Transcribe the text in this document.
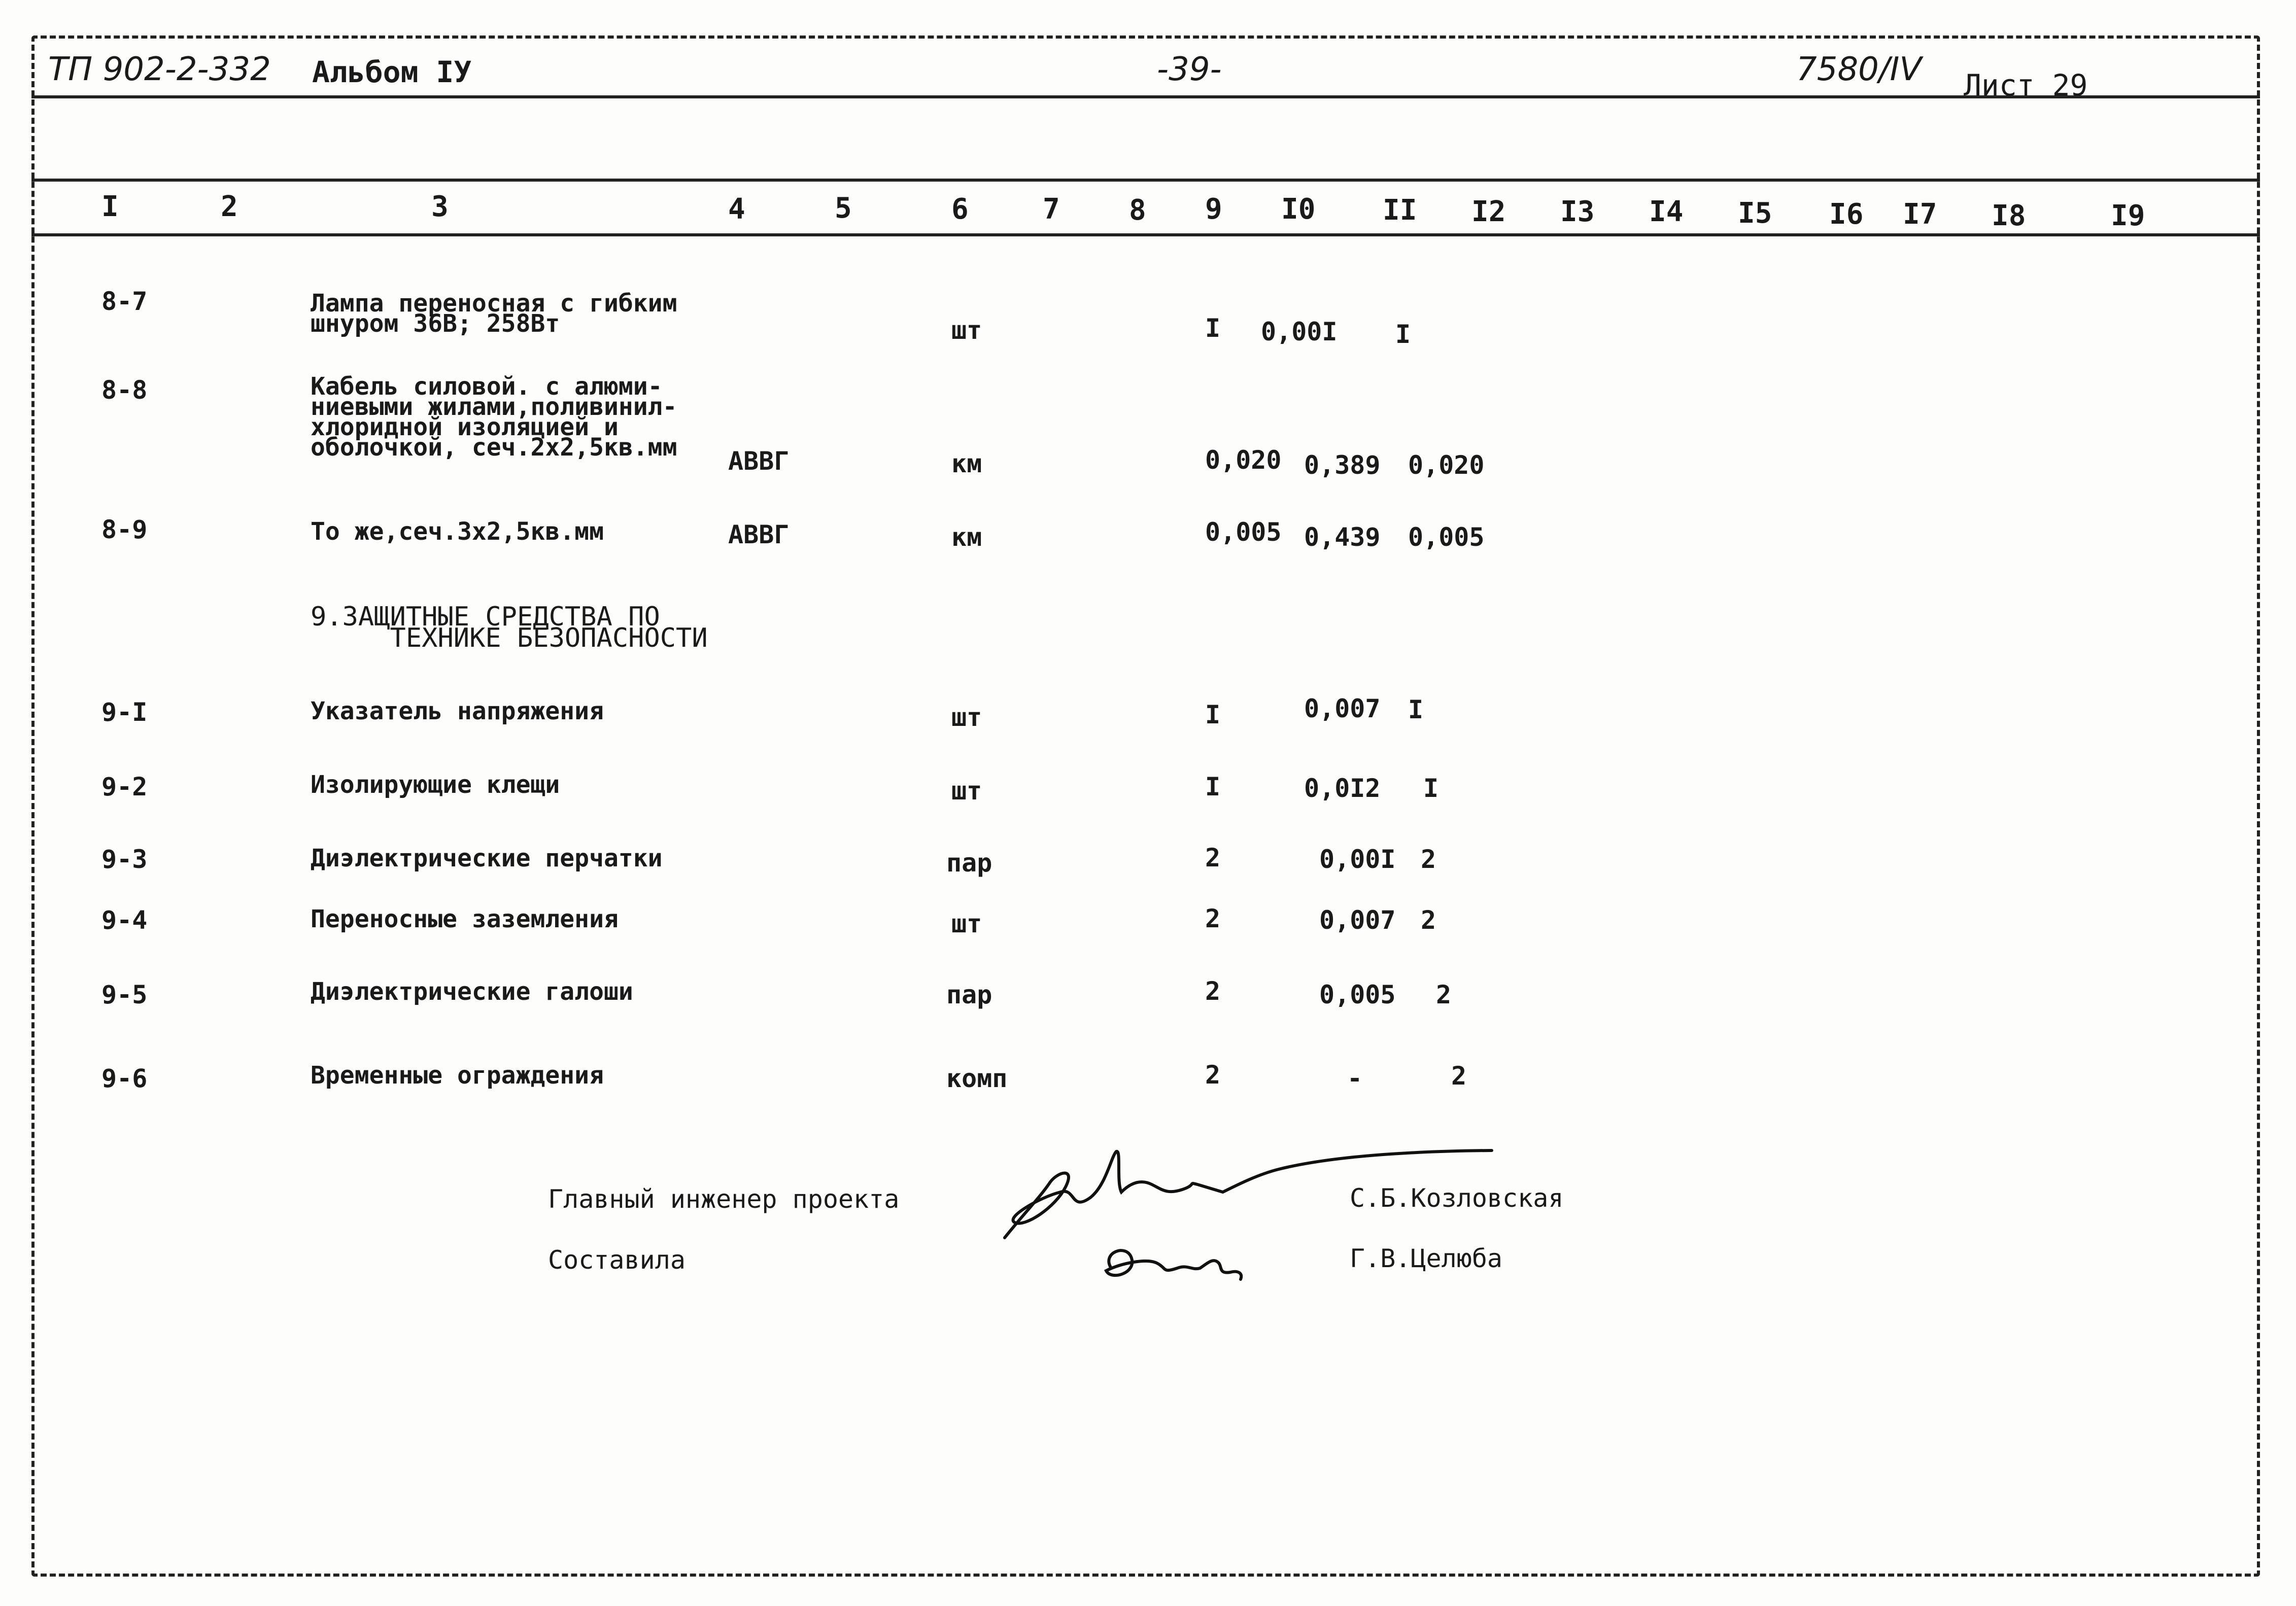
ТП 902-2-332 Альбом IУ	-39-	7580/IV Лист 29
I	2	3	4	5	6	7 8 9 I0 II I2 I3 I4 I5 I6 I7 I8	I9
8-7	Лампа переносная с гибким
шнуром 36В; 258Вт	шт	I 0,00I I
8-8	Кабель силовой. с алюми-
ниевыми жилами,поливинил-
хлоридной изоляцией и
оболочкой, сеч.2х2,5кв.мм АВВГ	км	0,020 0,389 0,020
8-9	То же,сеч.3х2,5кв.мм	АВВГ	км	0,005 0,439 0,005
9.ЗАЩИТНЫЕ СРЕДСТВА ПО
ТЕХНИКЕ БЕЗОПАСНОСТИ
9-I	Указатель напряжения	шт	I	0,007 I
9-2	Изолирующие клещи	шт	I	0,0I2 I
9-3	Диэлектрические перчатки	пар	2	0,00I 2
9-4	Переносные заземления	шт	2	0,007 2
9-5	Диэлектрические галоши	пар	2	0,005 2
9-6	Временные ограждения	комп	2	-	2
Главный инженер проекта	С.Б.Козловская
Составила	Г.В.Целюба
